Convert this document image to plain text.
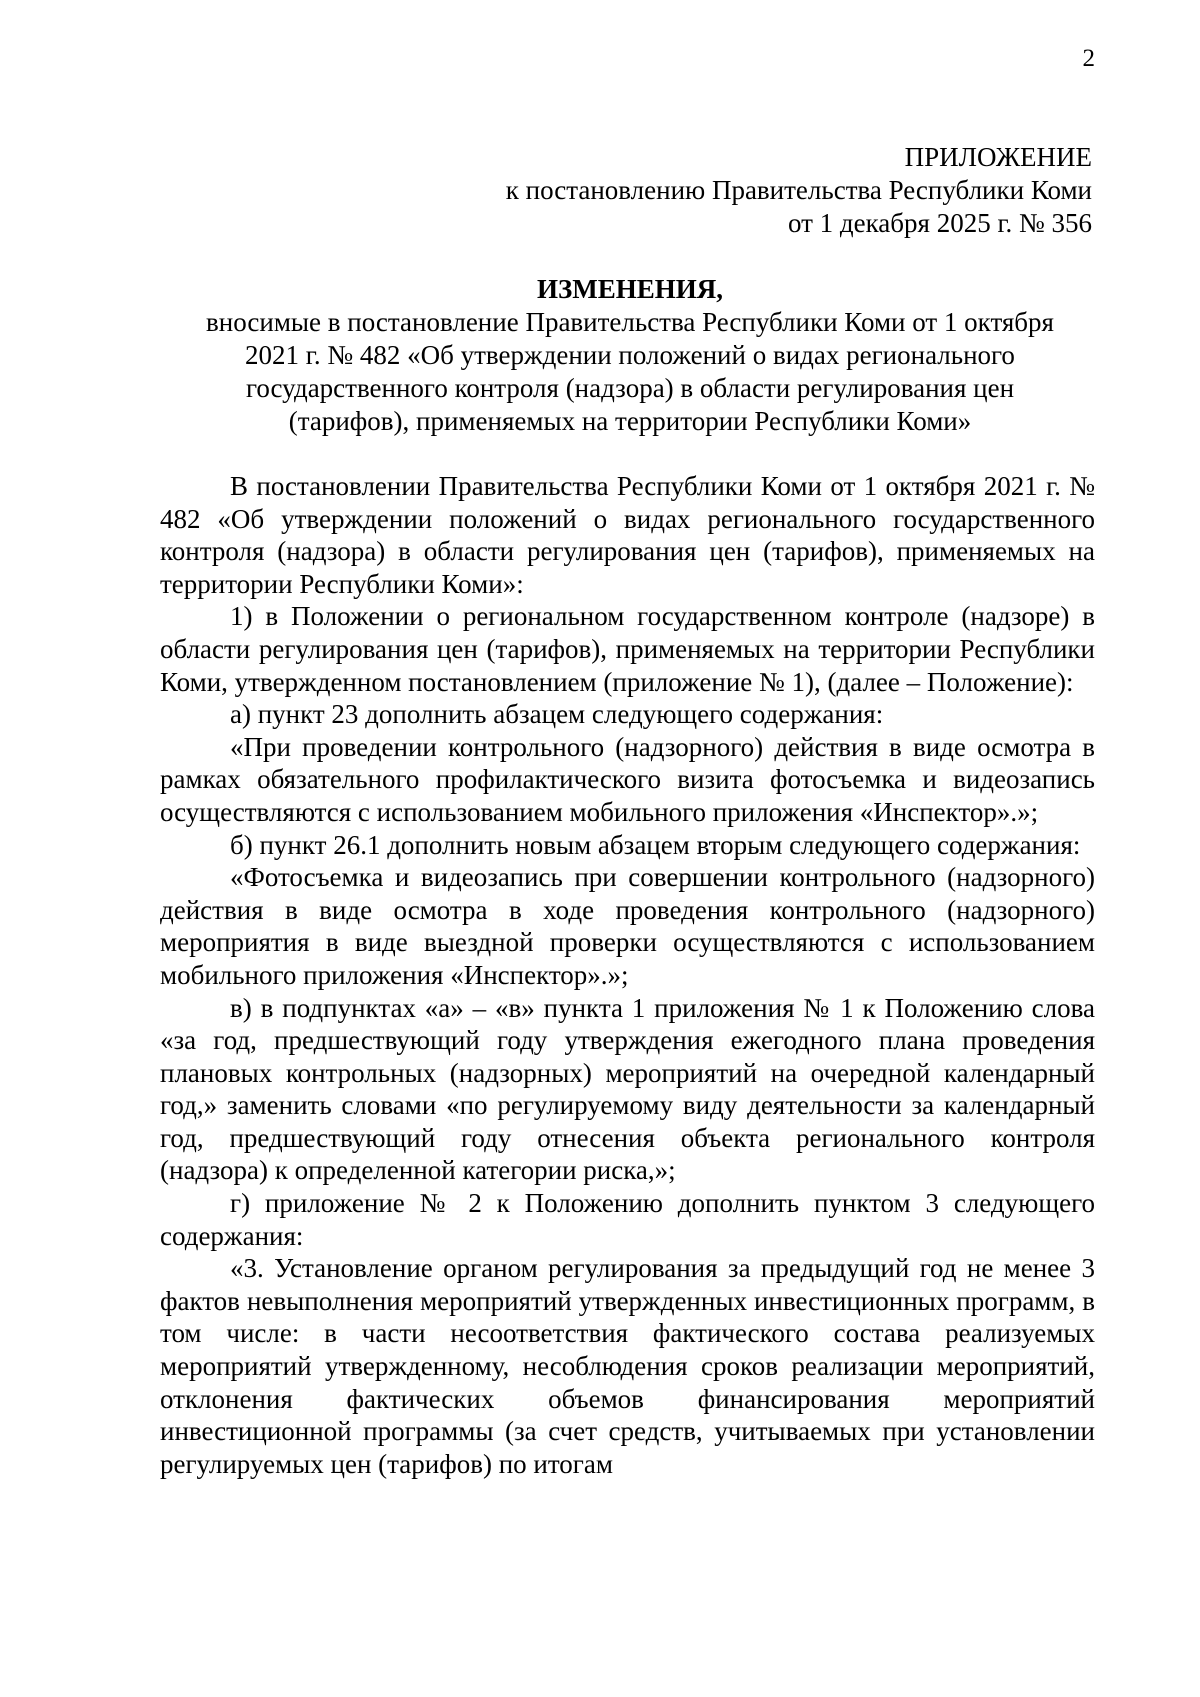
2
ПРИЛОЖЕНИЕ
к постановлению Правительства Республики Коми
от 1 декабря 2025 г. № 356
ИЗМЕНЕНИЯ,
вносимые в постановление Правительства Республики Коми от 1 октября
2021 г. № 482 «Об утверждении положений о видах регионального
государственного контроля (надзора) в области регулирования цен
(тарифов), применяемых на территории Республики Коми»

В постановлении Правительства Республики Коми от 1 октября 2021 г. № 482 «Об утверждении положений о видах регионального государственного контроля (надзора) в области регулирования цен (тарифов), применяемых на территории Республики Коми»:

1) в Положении о региональном государственном контроле (надзоре) в области регулирования цен (тарифов), применяемых на территории Республики Коми, утвержденном постановлением (приложение № 1), (далее – Положение):

а) пункт 23 дополнить абзацем следующего содержания:

«При проведении контрольного (надзорного) действия в виде осмотра в рамках обязательного профилактического визита фотосъемка и видеозапись осуществляются с использованием мобильного приложения «Инспектор».»;

б) пункт 26.1 дополнить новым абзацем вторым следующего содержания:

«Фотосъемка и видеозапись при совершении контрольного (надзорного) действия в виде осмотра в ходе проведения контрольного (надзорного) мероприятия в виде выездной проверки осуществляются с использованием мобильного приложения «Инспектор».»;

в) в подпунктах «а» – «в» пункта 1 приложения № 1 к Положению слова «за год, предшествующий году утверждения ежегодного плана проведения плановых контрольных (надзорных) мероприятий на очередной календарный год,» заменить словами «по регулируемому виду деятельности за календарный год, предшествующий году отнесения объекта регионального контроля (надзора) к определенной категории риска,»;

г) приложение № 2 к Положению дополнить пунктом 3 следующего содержания:

«3. Установление органом регулирования за предыдущий год не менее 3 фактов невыполнения мероприятий утвержденных инвестиционных программ, в том числе: в части несоответствия фактического состава реализуемых мероприятий утвержденному, несоблюдения сроков реализации мероприятий, отклонения фактических объемов финансирования мероприятий инвестиционной программы (за счет средств, учитываемых при установлении регулируемых цен (тарифов) по итогам
